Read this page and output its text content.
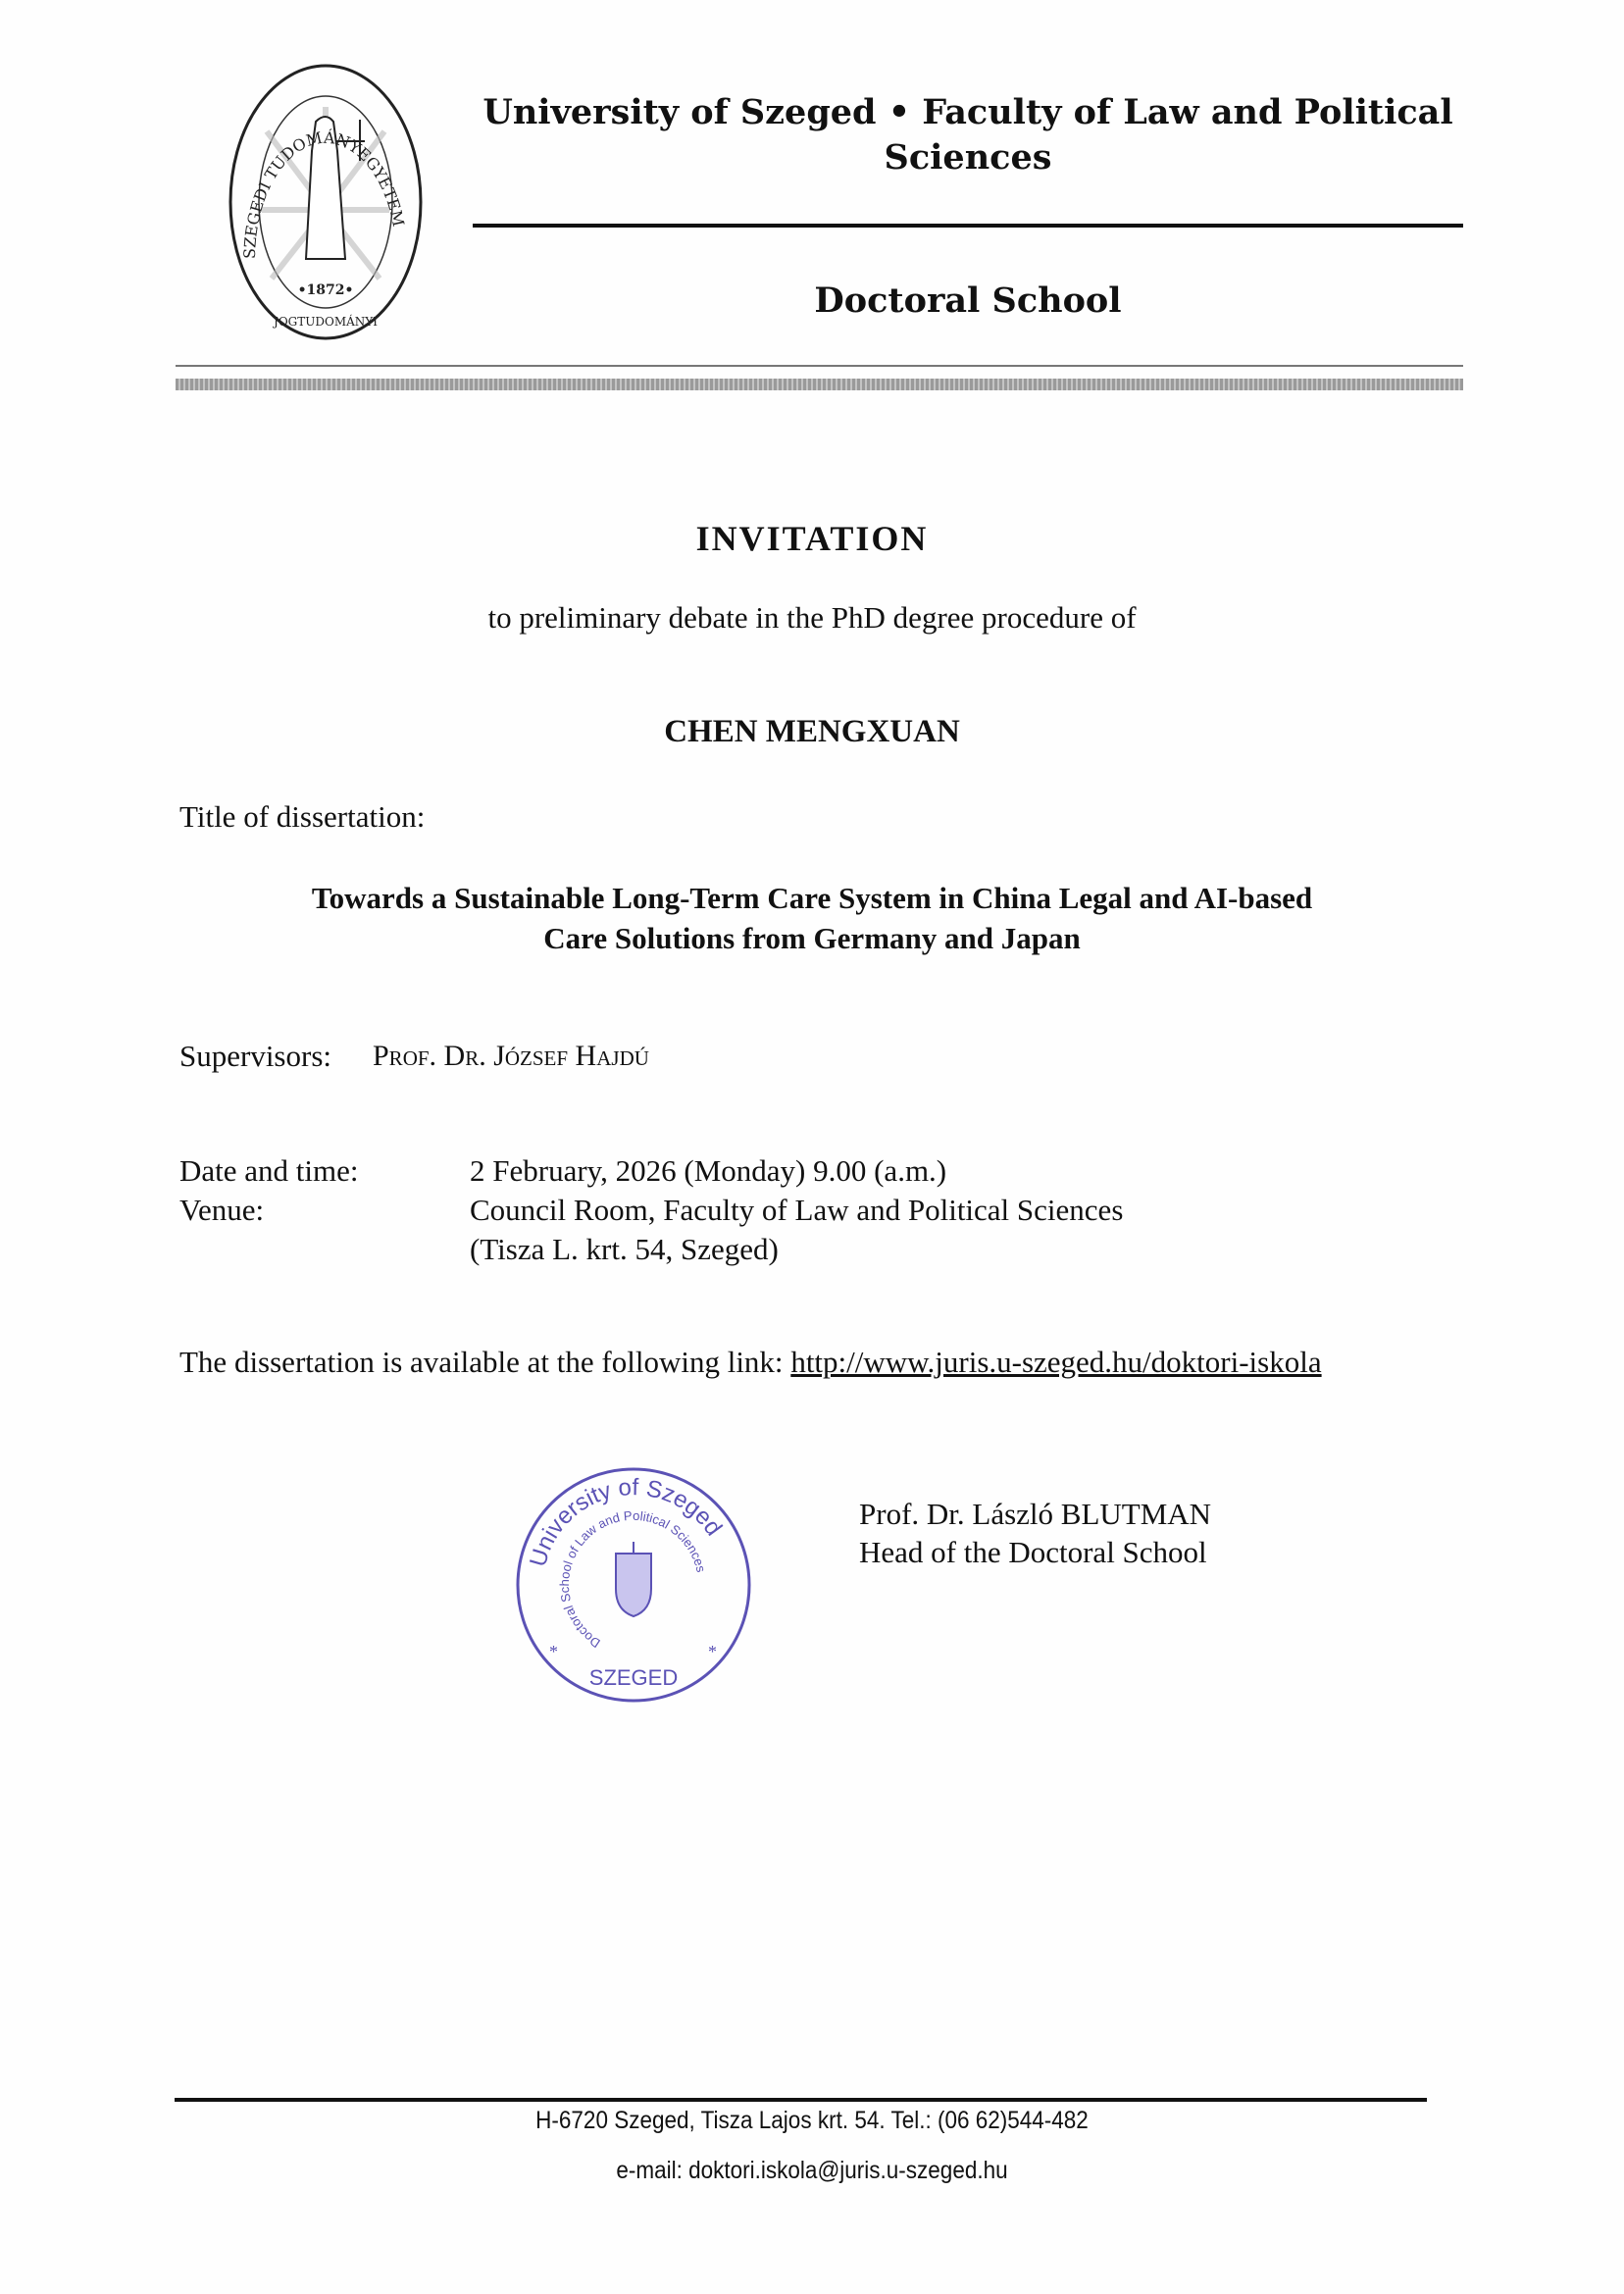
SZEGEDI TUDOMÁNYEGYETEM
•1872•
JOGTUDOMÁNYI
University of Szeged • Faculty of Law and Political
Sciences
Doctoral School
INVITATION
to preliminary debate in the PhD degree procedure of
CHEN MENGXUAN
Title of dissertation:
Towards a Sustainable Long-Term Care System in China Legal and AI-based
Care Solutions from Germany and Japan
Supervisors: Prof. Dr. József Hajdú
Date and time:	2 February, 2026 (Monday) 9.00 (a.m.)
Venue:	Council Room, Faculty of Law and Political Sciences
(Tisza L. krt. 54, Szeged)
The dissertation is available at the following link: http://www.juris.u-szeged.hu/doktori-iskola
University of Szeged
Doctoral School of Law and Political Sciences
SZEGED
*	*
Prof. Dr. László BLUTMAN
Head of the Doctoral School
H-6720 Szeged, Tisza Lajos krt. 54. Tel.: (06 62)544-482
e-mail: doktori.iskola@juris.u-szeged.hu
